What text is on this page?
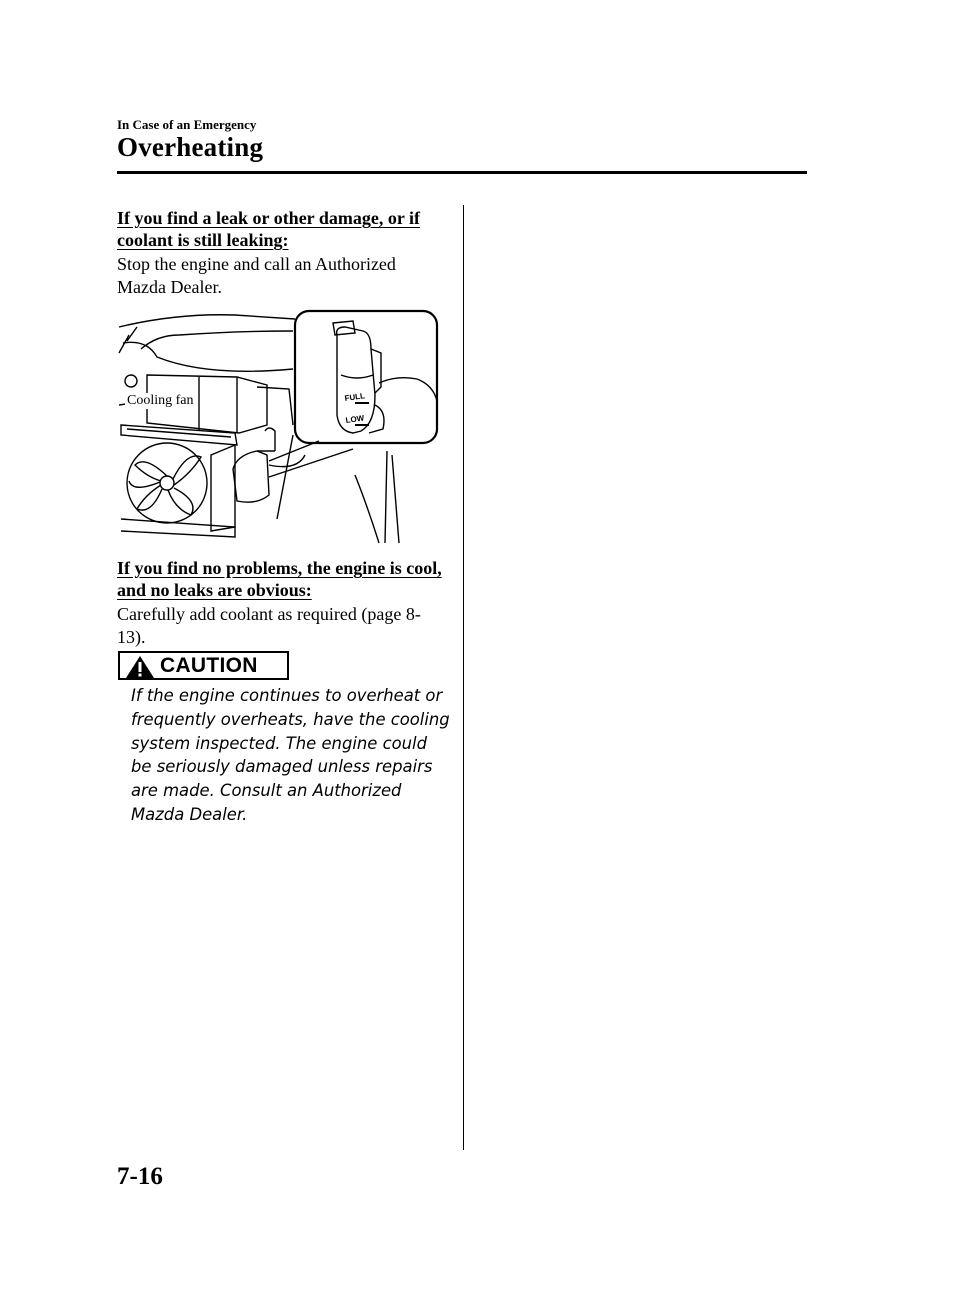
In Case of an Emergency
Overheating

If you find a leak or other damage, or if coolant is still leaking:

Stop the engine and call an Authorized Mazda Dealer.

FULL
LOW
Cooling fan

If you find no problems, the engine is cool, and no leaks are obvious:

Carefully add coolant as required (page 8-13).

CAUTION

If the engine continues to overheat or frequently overheats, have the cooling system inspected. The engine could be seriously damaged unless repairs are made. Consult an Authorized Mazda Dealer.

7-16
